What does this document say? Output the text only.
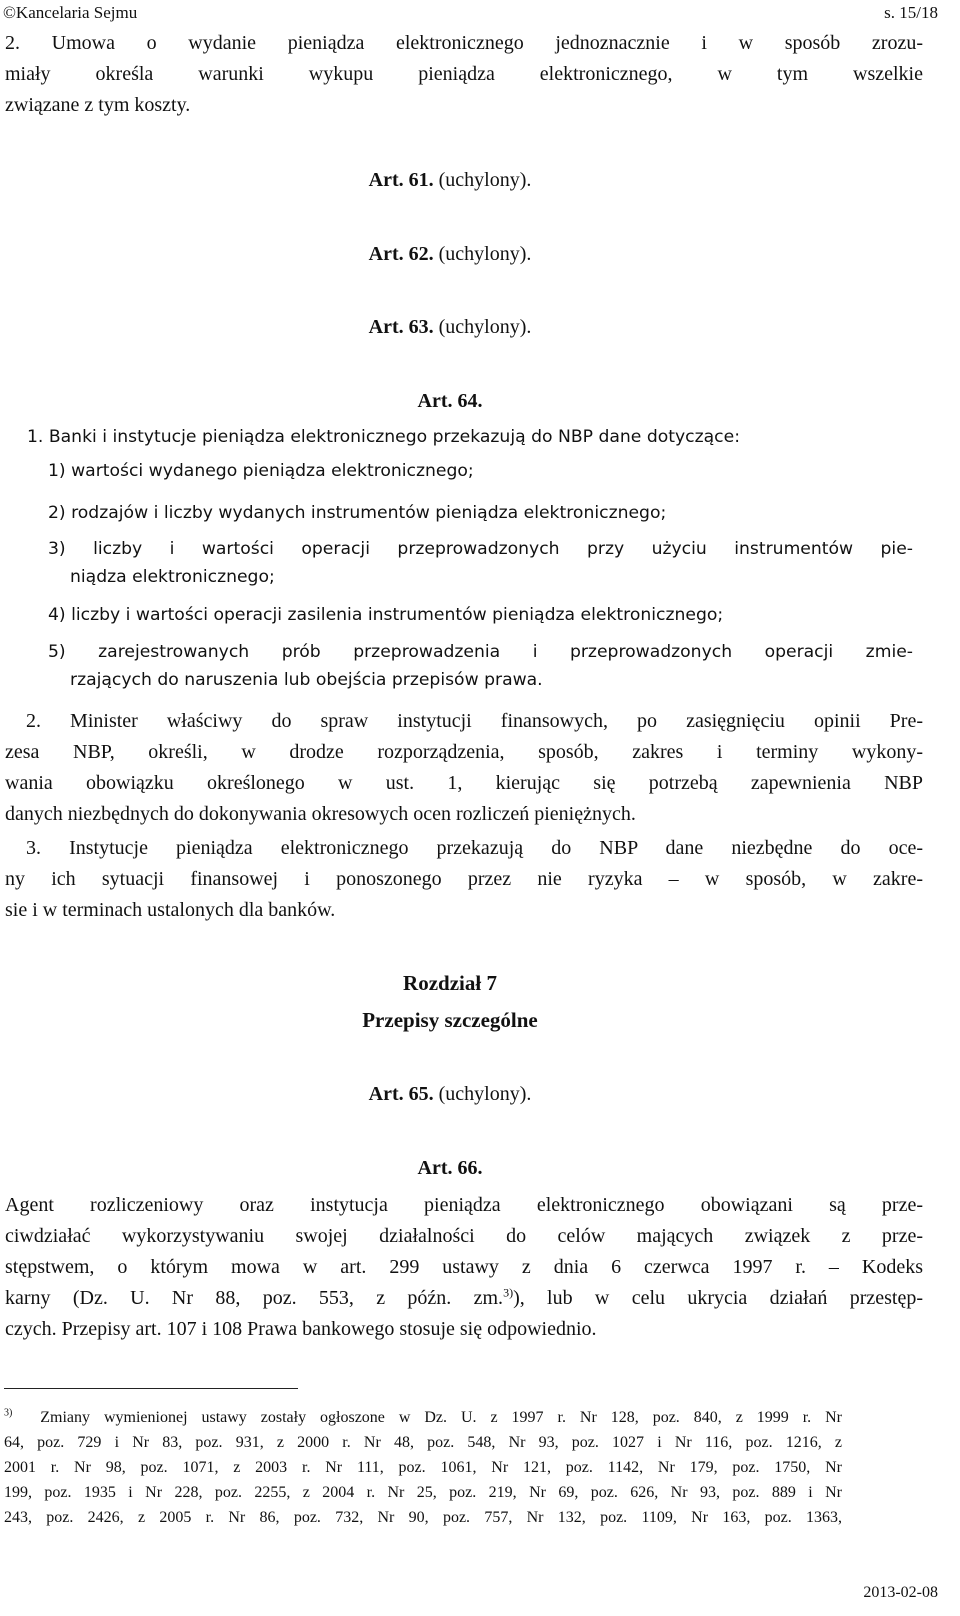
©Kancelaria Sejmu	s. 15/18
2. Umowa o wydanie pieniądza elektronicznego jednoznacznie i w sposób zrozu-
miały określa warunki wykupu pieniądza elektronicznego, w tym wszelkie
związane z tym koszty.
Art. 61. (uchylony).
Art. 62. (uchylony).
Art. 63. (uchylony).
Art. 64.
1. Banki i instytucje pieniądza elektronicznego przekazują do NBP dane dotyczące:
1) wartości wydanego pieniądza elektronicznego;
2) rodzajów i liczby wydanych instrumentów pieniądza elektronicznego;
3) liczby i wartości operacji przeprowadzonych przy użyciu instrumentów pie-
niądza elektronicznego;
4) liczby i wartości operacji zasilenia instrumentów pieniądza elektronicznego;
5) zarejestrowanych prób przeprowadzenia i przeprowadzonych operacji zmie-
rzających do naruszenia lub obejścia przepisów prawa.
2. Minister właściwy do spraw instytucji finansowych, po zasięgnięciu opinii Pre-
zesa NBP, określi, w drodze rozporządzenia, sposób, zakres i terminy wykony-
wania obowiązku określonego w ust. 1, kierując się potrzebą zapewnienia NBP
danych niezbędnych do dokonywania okresowych ocen rozliczeń pieniężnych.
3. Instytucje pieniądza elektronicznego przekazują do NBP dane niezbędne do oce-
ny ich sytuacji finansowej i ponoszonego przez nie ryzyka – w sposób, w zakre-
sie i w terminach ustalonych dla banków.
Rozdział 7
Przepisy szczególne
Art. 65. (uchylony).
Art. 66.
Agent rozliczeniowy oraz instytucja pieniądza elektronicznego obowiązani są prze-
ciwdziałać wykorzystywaniu swojej działalności do celów mających związek z prze-
stępstwem, o którym mowa w art. 299 ustawy z dnia 6 czerwca 1997 r. – Kodeks
karny (Dz. U. Nr 88, poz. 553, z późn. zm.$^{3)}$), lub w celu ukrycia działań przestęp-
czych. Przepisy art. 107 i 108 Prawa bankowego stosuje się odpowiednio.
$^{3)}$ Zmiany wymienionej ustawy zostały ogłoszone w Dz. U. z 1997 r. Nr 128, poz. 840, z 1999 r. Nr
64, poz. 729 i Nr 83, poz. 931, z 2000 r. Nr 48, poz. 548, Nr 93, poz. 1027 i Nr 116, poz. 1216, z
2001 r. Nr 98, poz. 1071, z 2003 r. Nr 111, poz. 1061, Nr 121, poz. 1142, Nr 179, poz. 1750, Nr
199, poz. 1935 i Nr 228, poz. 2255, z 2004 r. Nr 25, poz. 219, Nr 69, poz. 626, Nr 93, poz. 889 i Nr
243, poz. 2426, z 2005 r. Nr 86, poz. 732, Nr 90, poz. 757, Nr 132, poz. 1109, Nr 163, poz. 1363,
2013-02-08
